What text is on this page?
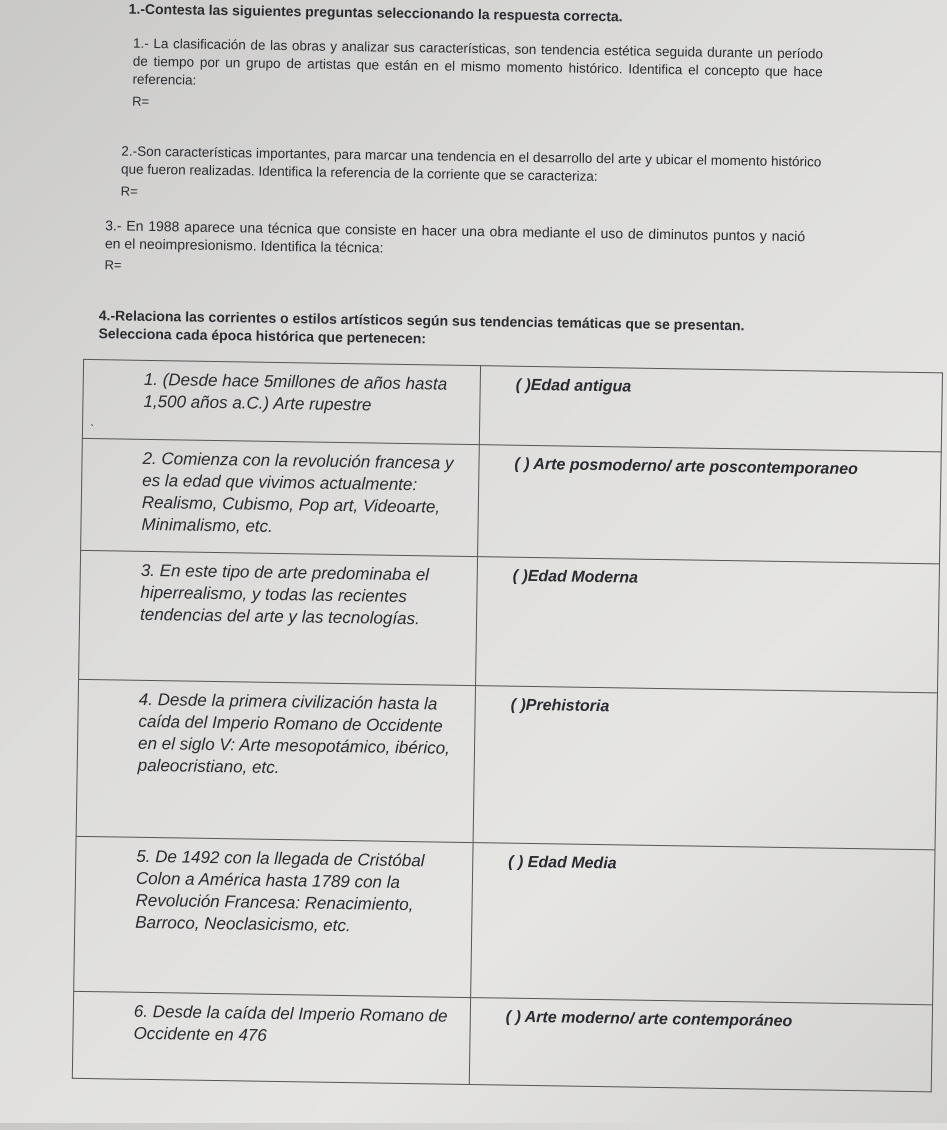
1.-Contesta las siguientes preguntas seleccionando la respuesta correcta.
1.- La clasificación de las obras y analizar sus características, son tendencia estética seguida durante un período de tiempo por un grupo de artistas que están en el mismo momento histórico. Identifica el concepto que hace referencia:
R=
2.-Son características importantes, para marcar una tendencia en el desarrollo del arte y ubicar el momento histórico que fueron realizadas. Identifica la referencia de la corriente que se caracteriza:
R=
3.- En 1988 aparece una técnica que consiste en hacer una obra mediante el uso de diminutos puntos y nació en el neoimpresionismo. Identifica la técnica:
R=
4.-Relaciona las corrientes o estilos artísticos según sus tendencias temáticas que se presentan. Selecciona cada época histórica que pertenecen:
ˋ
1. (Desde hace 5millones de años hasta 1,500 años a.C.) Arte rupestre	( )Edad antigua
2. Comienza con la revolución francesa y es la edad que vivimos actualmente: Realismo, Cubismo, Pop art, Videoarte, Minimalismo, etc.	( ) Arte posmoderno/ arte poscontemporaneo
3. En este tipo de arte predominaba el hiperrealismo, y todas las recientes tendencias del arte y las tecnologías.	( )Edad Moderna
4. Desde la primera civilización hasta la caída del Imperio Romano de Occidente en el siglo V: Arte mesopotámico, ibérico, paleocristiano, etc.	( )Prehistoria
5. De 1492 con la llegada de Cristóbal Colon a América hasta 1789 con la Revolución Francesa: Renacimiento, Barroco, Neoclasicismo, etc.	( ) Edad Media
6. Desde la caída del Imperio Romano de Occidente en 476	( ) Arte moderno/ arte contemporáneo
